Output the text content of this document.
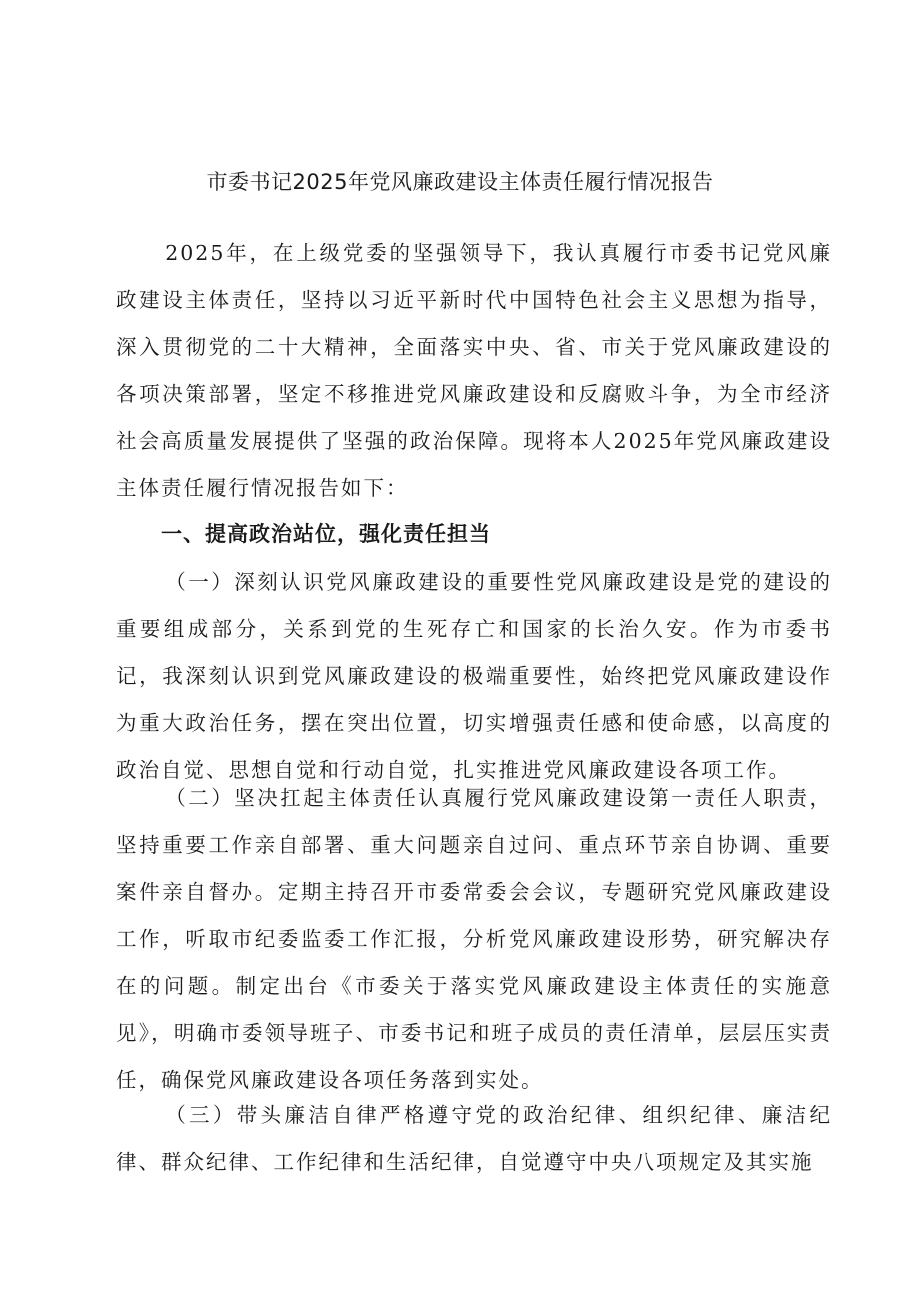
市委书记2025年党风廉政建设主体责任履行情况报告

2025年，在上级党委的坚强领导下，我认真履行市委书记党风廉政建设主体责任，坚持以习近平新时代中国特色社会主义思想为指导，深入贯彻党的二十大精神，全面落实中央、省、市关于党风廉政建设的各项决策部署，坚定不移推进党风廉政建设和反腐败斗争，为全市经济社会高质量发展提供了坚强的政治保障。现将本人2025年党风廉政建设主体责任履行情况报告如下：

一、提高政治站位，强化责任担当

（一）深刻认识党风廉政建设的重要性党风廉政建设是党的建设的重要组成部分，关系到党的生死存亡和国家的长治久安。作为市委书记，我深刻认识到党风廉政建设的极端重要性，始终把党风廉政建设作为重大政治任务，摆在突出位置，切实增强责任感和使命感，以高度的政治自觉、思想自觉和行动自觉，扎实推进党风廉政建设各项工作。

（二）坚决扛起主体责任认真履行党风廉政建设第一责任人职责，坚持重要工作亲自部署、重大问题亲自过问、重点环节亲自协调、重要案件亲自督办。定期主持召开市委常委会会议，专题研究党风廉政建设工作，听取市纪委监委工作汇报，分析党风廉政建设形势，研究解决存在的问题。制定出台《市委关于落实党风廉政建设主体责任的实施意见》，明确市委领导班子、市委书记和班子成员的责任清单，层层压实责任，确保党风廉政建设各项任务落到实处。

（三）带头廉洁自律严格遵守党的政治纪律、组织纪律、廉洁纪律、群众纪律、工作纪律和生活纪律，自觉遵守中央八项规定及其实施
